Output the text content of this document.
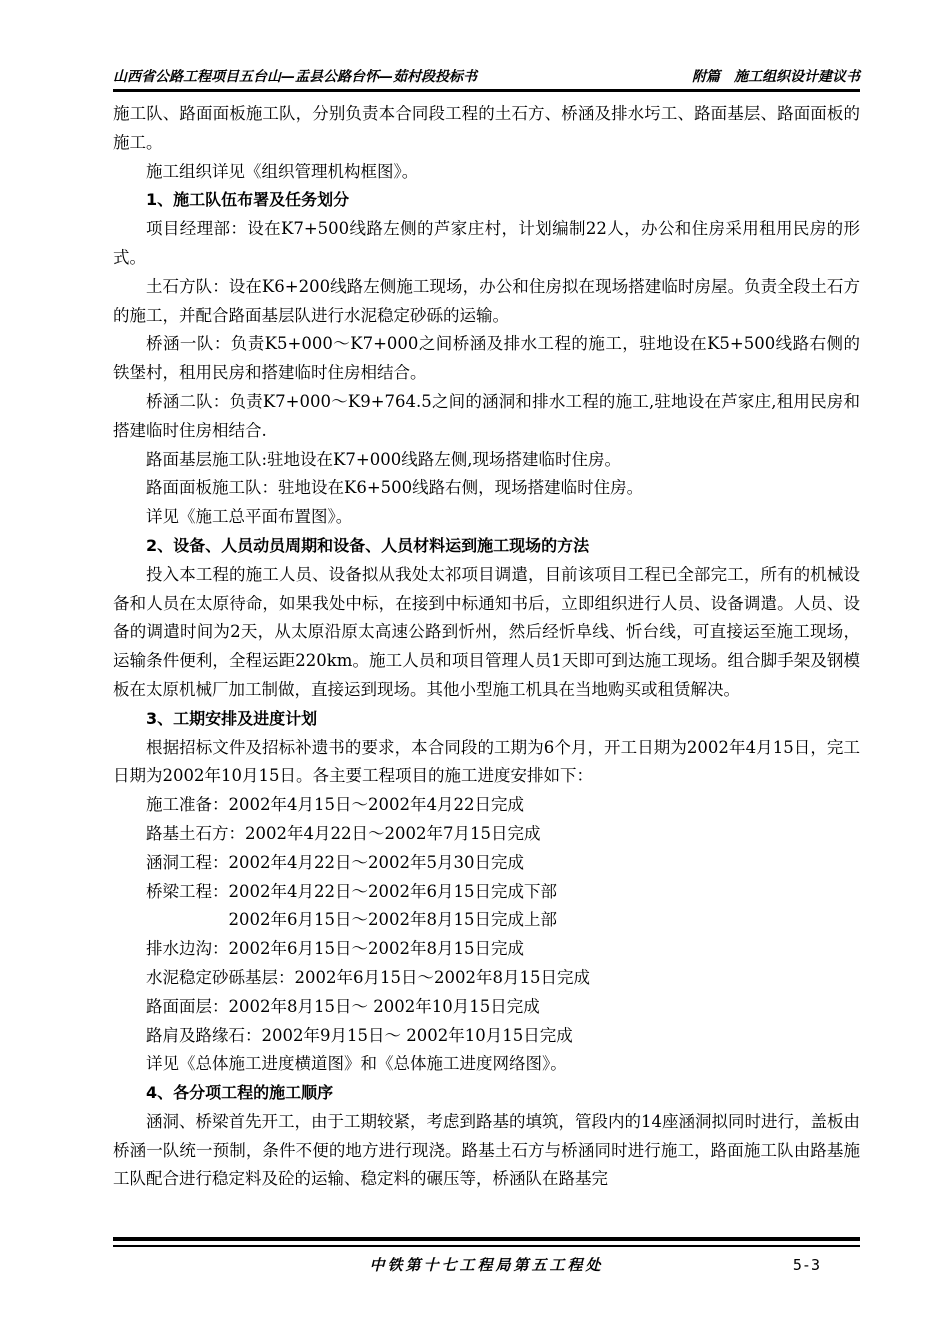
山西省公路工程项目五台山—盂县公路台怀—茹村段投标书	附篇　施工组织设计建议书

施工队、路面面板施工队，分别负责本合同段工程的土石方、桥涵及排水圬工、路面基层、路面面板的施工。

施工组织详见《组织管理机构框图》。

1、施工队伍布署及任务划分

项目经理部：设在K7+500线路左侧的芦家庄村，计划编制22人，办公和住房采用租用民房的形式。

土石方队：设在K6+200线路左侧施工现场，办公和住房拟在现场搭建临时房屋。负责全段土石方的施工，并配合路面基层队进行水泥稳定砂砾的运输。

桥涵一队：负责K5+000～K7+000之间桥涵及排水工程的施工，驻地设在K5+500线路右侧的铁堡村，租用民房和搭建临时住房相结合。

桥涵二队：负责K7+000～K9+764.5之间的涵洞和排水工程的施工,驻地设在芦家庄,租用民房和搭建临时住房相结合.

路面基层施工队:驻地设在K7+000线路左侧,现场搭建临时住房。

路面面板施工队：驻地设在K6+500线路右侧，现场搭建临时住房。

详见《施工总平面布置图》。

2、设备、人员动员周期和设备、人员材料运到施工现场的方法

投入本工程的施工人员、设备拟从我处太祁项目调遣，目前该项目工程已全部完工，所有的机械设备和人员在太原待命，如果我处中标，在接到中标通知书后，立即组织进行人员、设备调遣。人员、设备的调遣时间为2天，从太原沿原太高速公路到忻州，然后经忻阜线、忻台线，可直接运至施工现场，运输条件便利，全程运距220km。施工人员和项目管理人员1天即可到达施工现场。组合脚手架及钢模板在太原机械厂加工制做，直接运到现场。其他小型施工机具在当地购买或租赁解决。

3、工期安排及进度计划

根据招标文件及招标补遗书的要求，本合同段的工期为6个月，开工日期为2002年4月15日，完工日期为2002年10月15日。各主要工程项目的施工进度安排如下：

施工准备：2002年4月15日～2002年4月22日完成

路基土石方：2002年4月22日～2002年7月15日完成

涵洞工程：2002年4月22日～2002年5月30日完成

桥梁工程：2002年4月22日～2002年6月15日完成下部

　　　　　2002年6月15日～2002年8月15日完成上部

排水边沟：2002年6月15日～2002年8月15日完成

水泥稳定砂砾基层：2002年6月15日～2002年8月15日完成

路面面层：2002年8月15日～ 2002年10月15日完成

路肩及路缘石：2002年9月15日～ 2002年10月15日完成

详见《总体施工进度横道图》和《总体施工进度网络图》。

4、各分项工程的施工顺序

涵洞、桥梁首先开工，由于工期较紧，考虑到路基的填筑，管段内的14座涵洞拟同时进行，盖板由桥涵一队统一预制，条件不便的地方进行现浇。路基土石方与桥涵同时进行施工，路面施工队由路基施工队配合进行稳定料及砼的运输、稳定料的碾压等，桥涵队在路基完

中铁第十七工程局第五工程处	5-3
